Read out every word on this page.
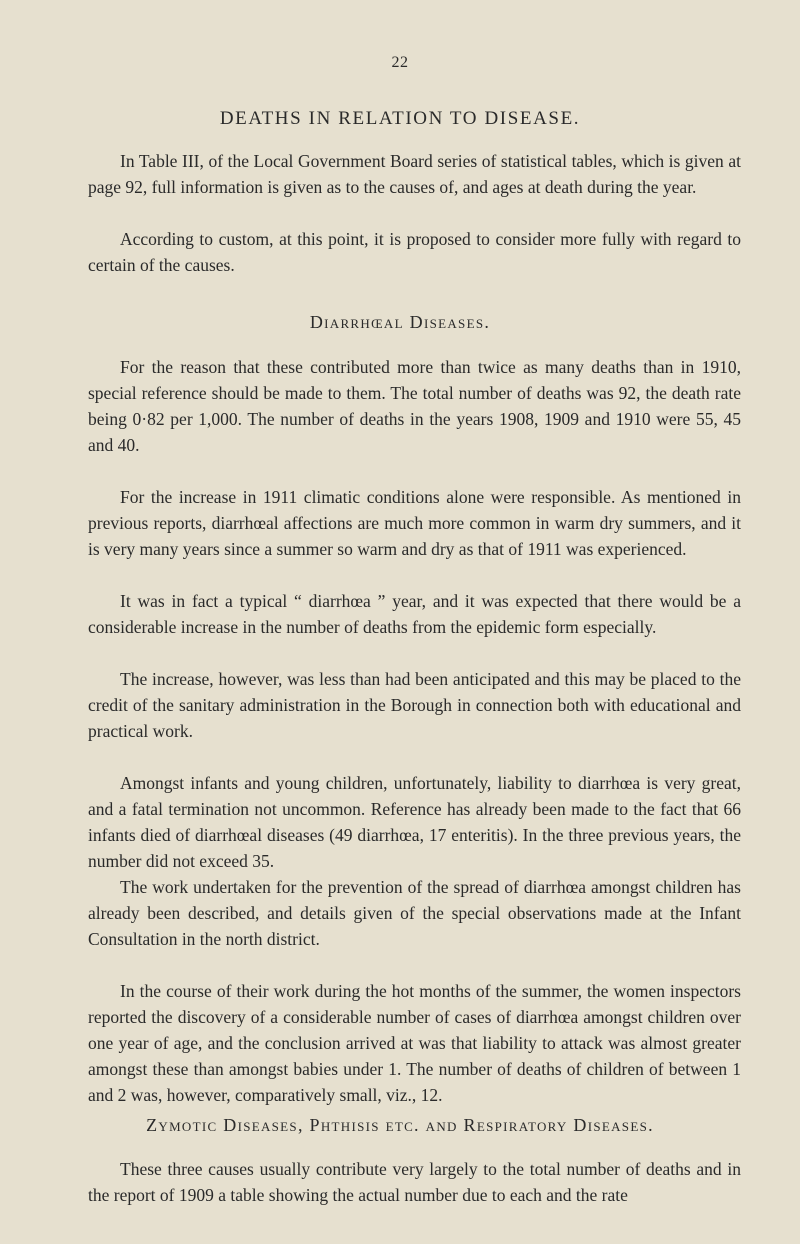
22
DEATHS IN RELATION TO DISEASE.

In Table III, of the Local Government Board series of statistical tables, which is given at page 92, full information is given as to the causes of, and ages at death during the year.

According to custom, at this point, it is proposed to consider more fully with regard to certain of the causes.

Diarrhœal Diseases.

For the reason that these contributed more than twice as many deaths than in 1910, special reference should be made to them. The total number of deaths was 92, the death rate being 0·82 per 1,000. The number of deaths in the years 1908, 1909 and 1910 were 55, 45 and 40.

For the increase in 1911 climatic conditions alone were responsible. As mentioned in previous reports, diarrhœal affections are much more common in warm dry summers, and it is very many years since a summer so warm and dry as that of 1911 was experienced.

It was in fact a typical “ diarrhœa ” year, and it was expected that there would be a considerable increase in the number of deaths from the epidemic form especially.

The increase, however, was less than had been anticipated and this may be placed to the credit of the sanitary administration in the Borough in connection both with educational and practical work.

Amongst infants and young children, unfortunately, liability to diarrhœa is very great, and a fatal termination not uncommon. Reference has already been made to the fact that 66 infants died of diarrhœal diseases (49 diarrhœa, 17 enteritis). In the three previous years, the number did not exceed 35.

The work undertaken for the prevention of the spread of diarrhœa amongst children has already been described, and details given of the special observations made at the Infant Consultation in the north district.

In the course of their work during the hot months of the summer, the women inspectors reported the discovery of a considerable number of cases of diarrhœa amongst children over one year of age, and the conclusion arrived at was that liability to attack was almost greater amongst these than amongst babies under 1. The number of deaths of children of between 1 and 2 was, however, comparatively small, viz., 12.

Zymotic Diseases, Phthisis etc. and Respiratory Diseases.

These three causes usually contribute very largely to the total number of deaths and in the report of 1909 a table showing the actual number due to each and the rate
